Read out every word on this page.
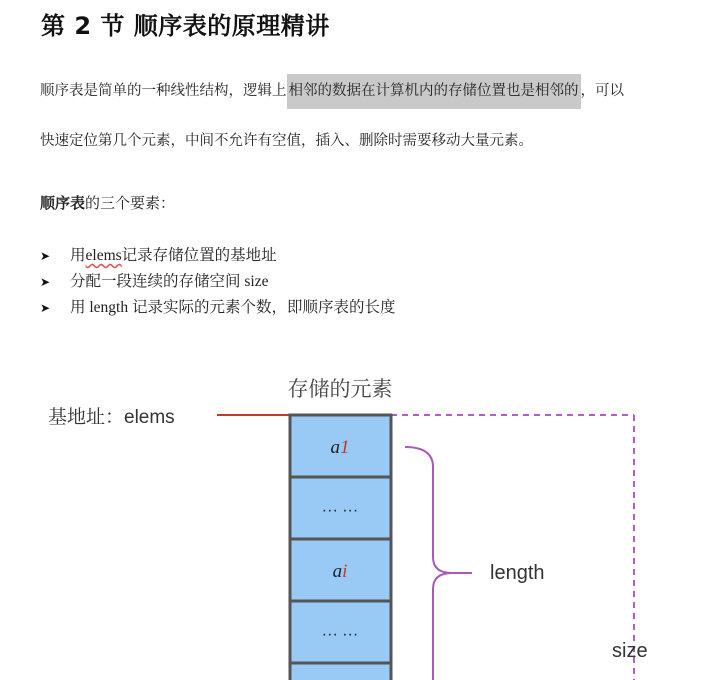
第 2 节 顺序表的原理精讲
顺序表是简单的一种线性结构，逻辑上 相邻的数据在计算机内的存储位置也是相邻的 ，可以
快速定位第几个元素，中间不允许有空值，插入、删除时需要移动大量元素。
顺序表的三个要素：
➤	用 elems 记录存储位置的基地址
➤	分配一段连续的存储空间 size
➤	用 length 记录实际的元素个数，即顺序表的长度
存储的元素
基地址：elems
a1
··· ···
ai
··· ···
length
size
